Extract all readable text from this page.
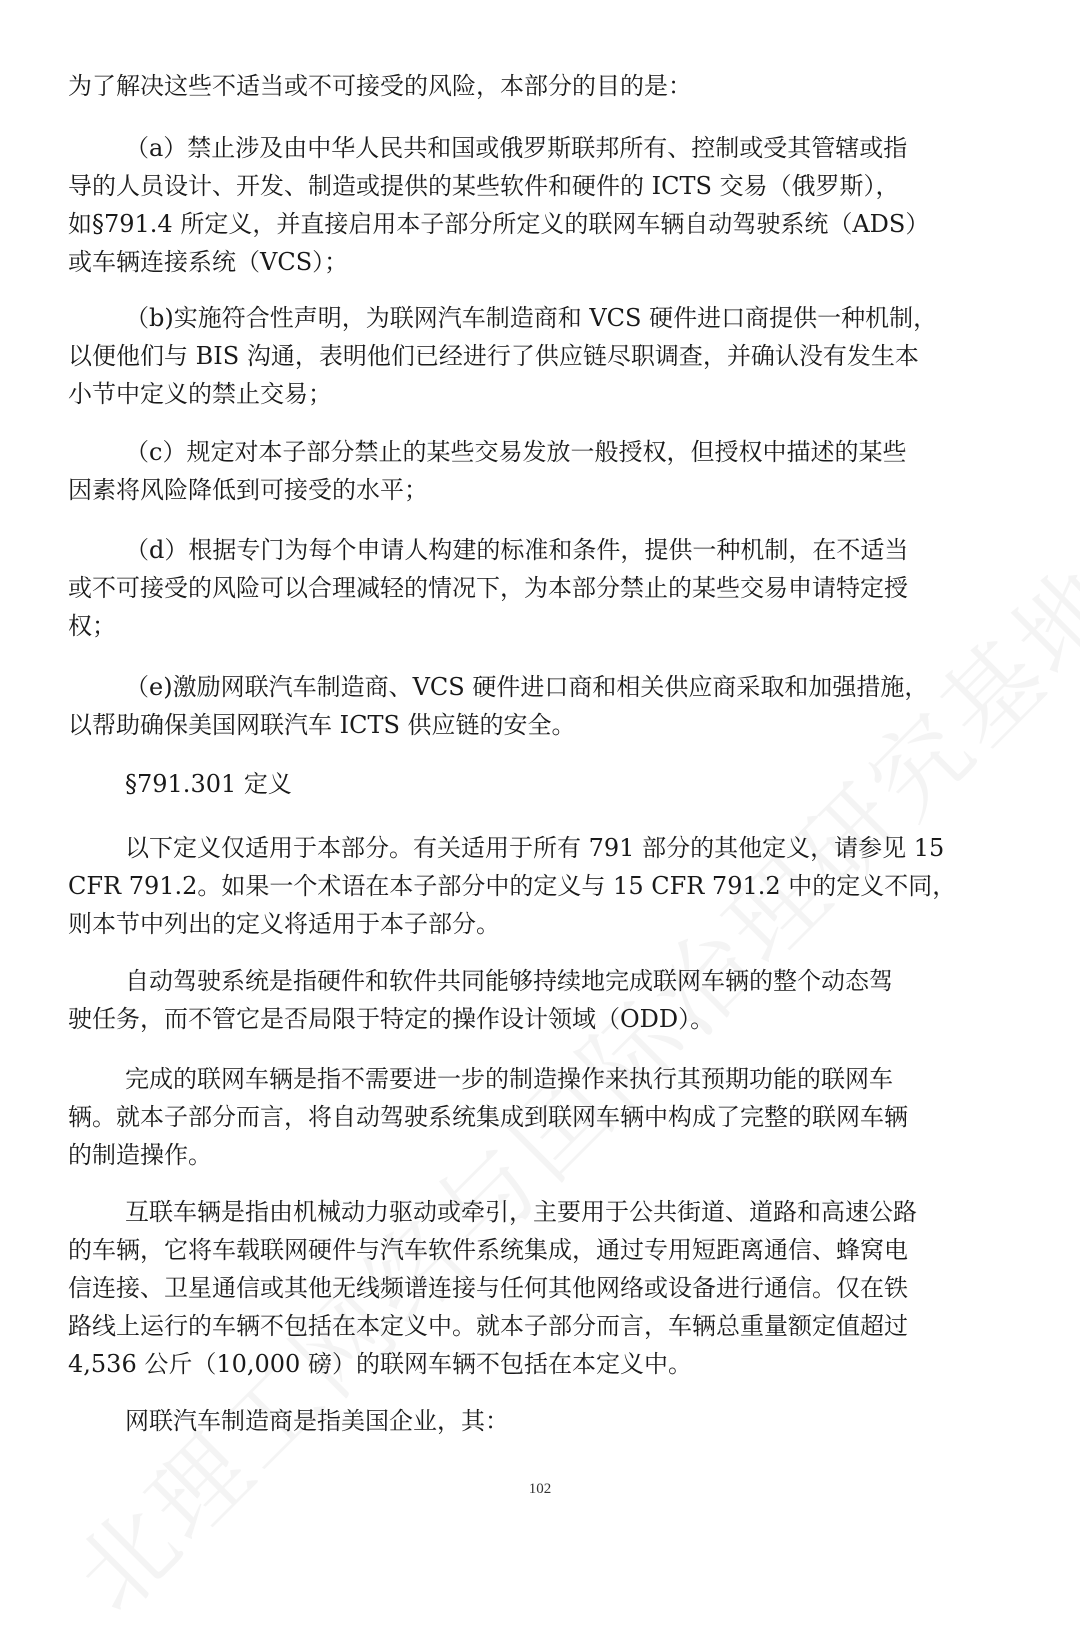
为了解决这些不适当或不可接受的风险，本部分的目的是：

（a）禁止涉及由中华人民共和国或俄罗斯联邦所有、控制或受其管辖或指
导的人员设计、开发、制造或提供的某些软件和硬件的 ICTS 交易（俄罗斯），
如§791.4 所定义，并直接启用本子部分所定义的联网车辆自动驾驶系统（ADS）
或车辆连接系统（VCS）；

（b)实施符合性声明，为联网汽车制造商和 VCS 硬件进口商提供一种机制，
以便他们与 BIS 沟通，表明他们已经进行了供应链尽职调查，并确认没有发生本
小节中定义的禁止交易；

（c）规定对本子部分禁止的某些交易发放一般授权，但授权中描述的某些
因素将风险降低到可接受的水平；

（d）根据专门为每个申请人构建的标准和条件，提供一种机制，在不适当
或不可接受的风险可以合理减轻的情况下，为本部分禁止的某些交易申请特定授
权；

（e)激励网联汽车制造商、VCS 硬件进口商和相关供应商采取和加强措施，
以帮助确保美国网联汽车 ICTS 供应链的安全。

§791.301 定义

以下定义仅适用于本部分。有关适用于所有 791 部分的其他定义，请参见 15
CFR 791.2。如果一个术语在本子部分中的定义与 15 CFR 791.2 中的定义不同，
则本节中列出的定义将适用于本子部分。

自动驾驶系统是指硬件和软件共同能够持续地完成联网车辆的整个动态驾
驶任务，而不管它是否局限于特定的操作设计领域（ODD）。

完成的联网车辆是指不需要进一步的制造操作来执行其预期功能的联网车
辆。就本子部分而言，将自动驾驶系统集成到联网车辆中构成了完整的联网车辆
的制造操作。

互联车辆是指由机械动力驱动或牵引，主要用于公共街道、道路和高速公路
的车辆，它将车载联网硬件与汽车软件系统集成，通过专用短距离通信、蜂窝电
信连接、卫星通信或其他无线频谱连接与任何其他网络或设备进行通信。仅在铁
路线上运行的车辆不包括在本定义中。就本子部分而言，车辆总重量额定值超过
4,536 公斤（10,000 磅）的联网车辆不包括在本定义中。

网联汽车制造商是指美国企业，其：

102
